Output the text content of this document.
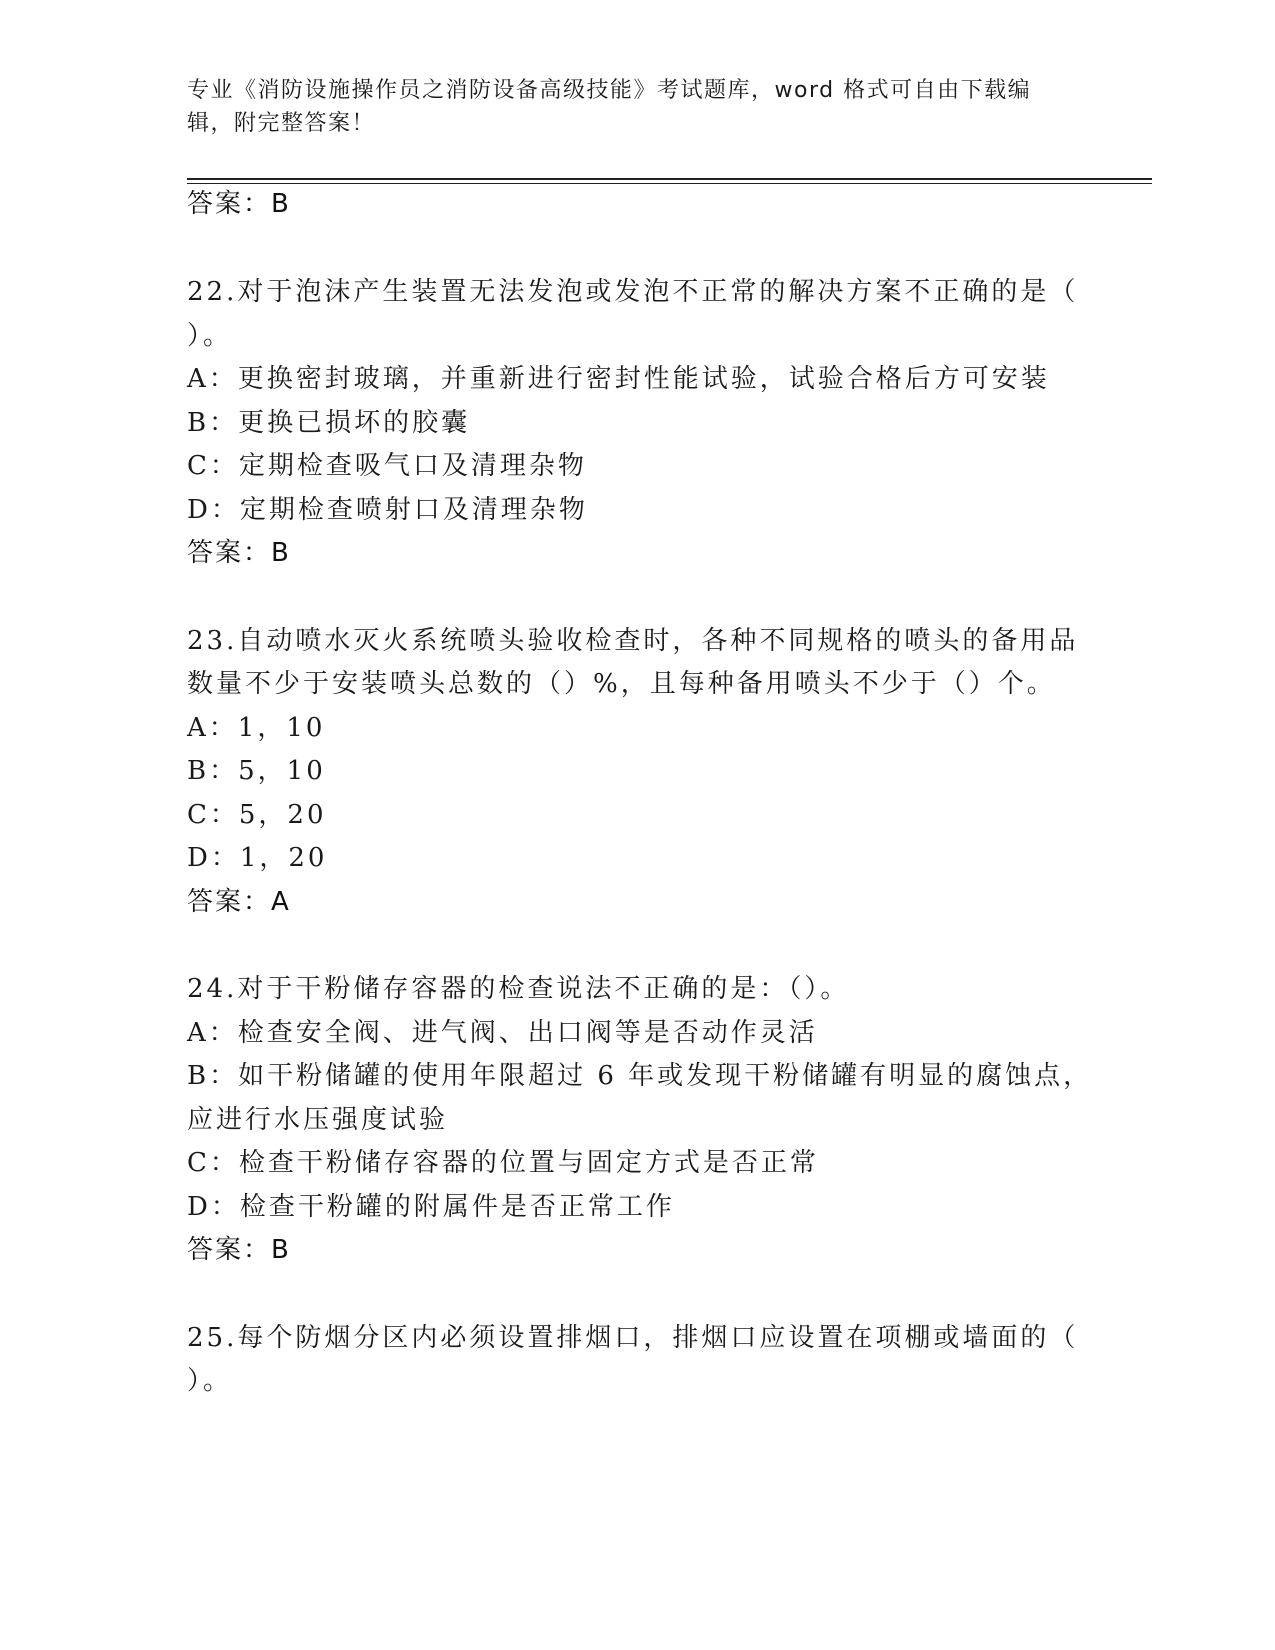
专业《消防设施操作员之消防设备高级技能》考试题库，word 格式可自由下载编
辑，附完整答案！
答案：B
22.对于泡沫产生装置无法发泡或发泡不正常的解决方案不正确的是（
）。
A：更换密封玻璃，并重新进行密封性能试验，试验合格后方可安装
B：更换已损坏的胶囊
C：定期检查吸气口及清理杂物
D：定期检查喷射口及清理杂物
答案：B
23.自动喷水灭火系统喷头验收检查时，各种不同规格的喷头的备用品
数量不少于安装喷头总数的（）%，且每种备用喷头不少于（）个。
A：1，10
B：5，10
C：5，20
D：1，20
答案：A
24.对于干粉储存容器的检查说法不正确的是：（）。
A：检查安全阀、进气阀、出口阀等是否动作灵活
B：如干粉储罐的使用年限超过 6 年或发现干粉储罐有明显的腐蚀点，
应进行水压强度试验
C：检查干粉储存容器的位置与固定方式是否正常
D：检查干粉罐的附属件是否正常工作
答案：B
25.每个防烟分区内必须设置排烟口，排烟口应设置在项棚或墙面的（
）。
